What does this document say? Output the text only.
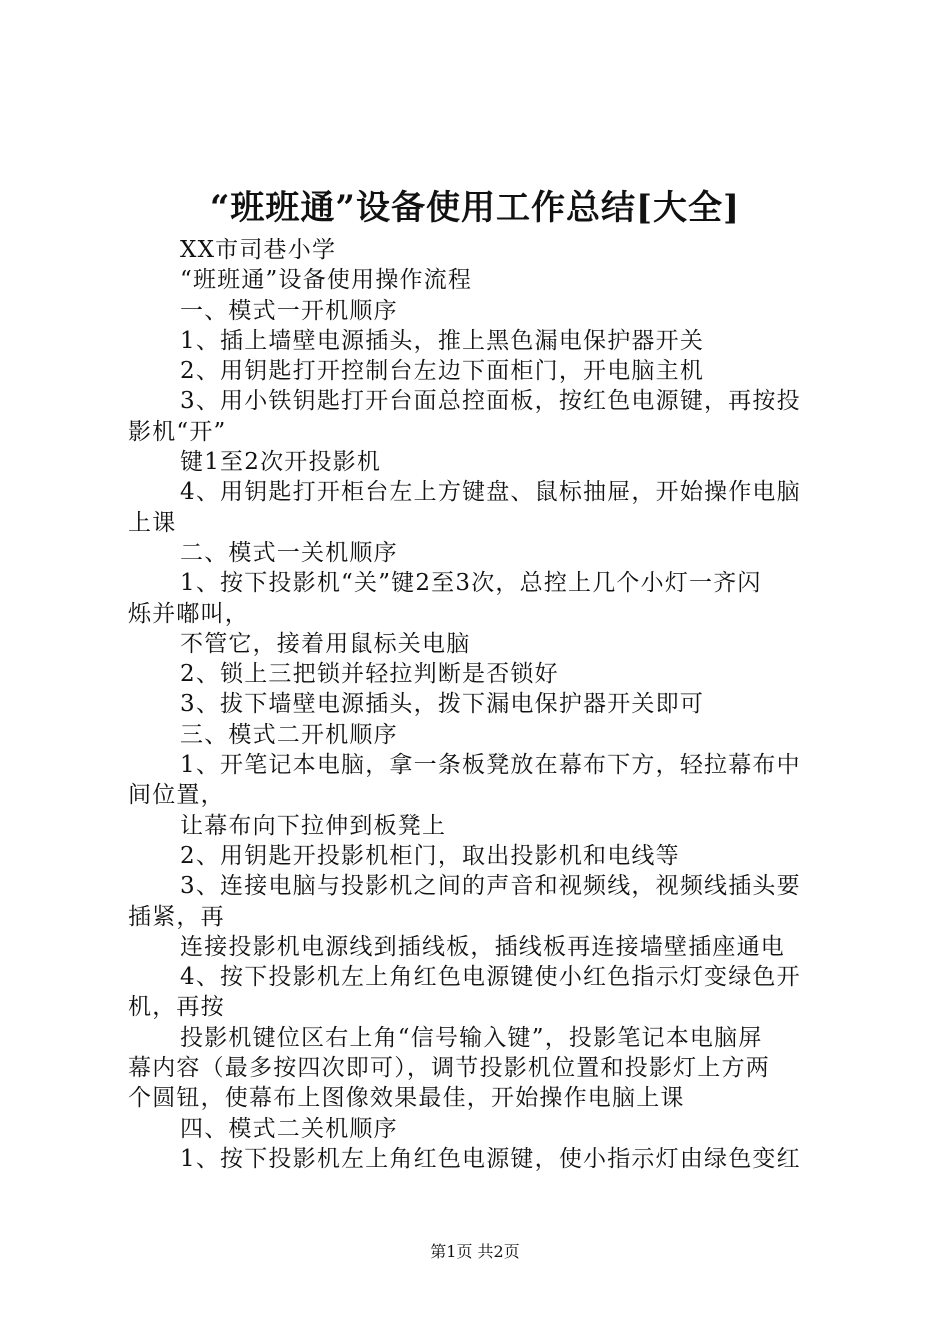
“班班通”设备使用工作总结[大全]
XX市司巷小学
“班班通”设备使用操作流程
一、模式一开机顺序
1、插上墙壁电源插头，推上黑色漏电保护器开关
2、用钥匙打开控制台左边下面柜门，开电脑主机
3、用小铁钥匙打开台面总控面板，按红色电源键，再按投
影机“开”
键1至2次开投影机
4、用钥匙打开柜台左上方键盘、鼠标抽屉，开始操作电脑
上课
二、模式一关机顺序
1、按下投影机“关”键2至3次，总控上几个小灯一齐闪
烁并嘟叫，
不管它，接着用鼠标关电脑
2、锁上三把锁并轻拉判断是否锁好
3、拔下墙壁电源插头，拨下漏电保护器开关即可
三、模式二开机顺序
1、开笔记本电脑，拿一条板凳放在幕布下方，轻拉幕布中
间位置，
让幕布向下拉伸到板凳上
2、用钥匙开投影机柜门，取出投影机和电线等
3、连接电脑与投影机之间的声音和视频线，视频线插头要
插紧，再
连接投影机电源线到插线板，插线板再连接墙壁插座通电
4、按下投影机左上角红色电源键使小红色指示灯变绿色开
机，再按
投影机键位区右上角“信号输入键”，投影笔记本电脑屏
幕内容（最多按四次即可），调节投影机位置和投影灯上方两
个圆钮，使幕布上图像效果最佳，开始操作电脑上课
四、模式二关机顺序
1、按下投影机左上角红色电源键，使小指示灯由绿色变红
第1页 共2页
